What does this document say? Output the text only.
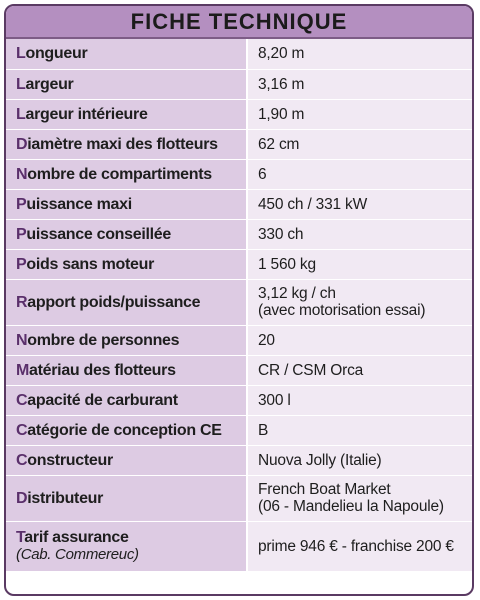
FICHE TECHNIQUE
Longueur	8,20 m
Largeur	3,16 m
Largeur intérieure	1,90 m
Diamètre maxi des flotteurs	62 cm
Nombre de compartiments	6
Puissance maxi	450 ch / 331 kW
Puissance conseillée	330 ch
Poids sans moteur	1 560 kg
Rapport poids/puissance	3,12 kg / ch
(avec motorisation essai)

Nombre de personnes	20
Matériau des flotteurs	CR / CSM Orca
Capacité de carburant	300 l
Catégorie de conception CE	B
Constructeur	Nuova Jolly (Italie)
Distributeur	French Boat Market
(06 - Mandelieu la Napoule)

Tarif assurance
(Cab. Commereuc)	prime 946 € - franchise 200 €
